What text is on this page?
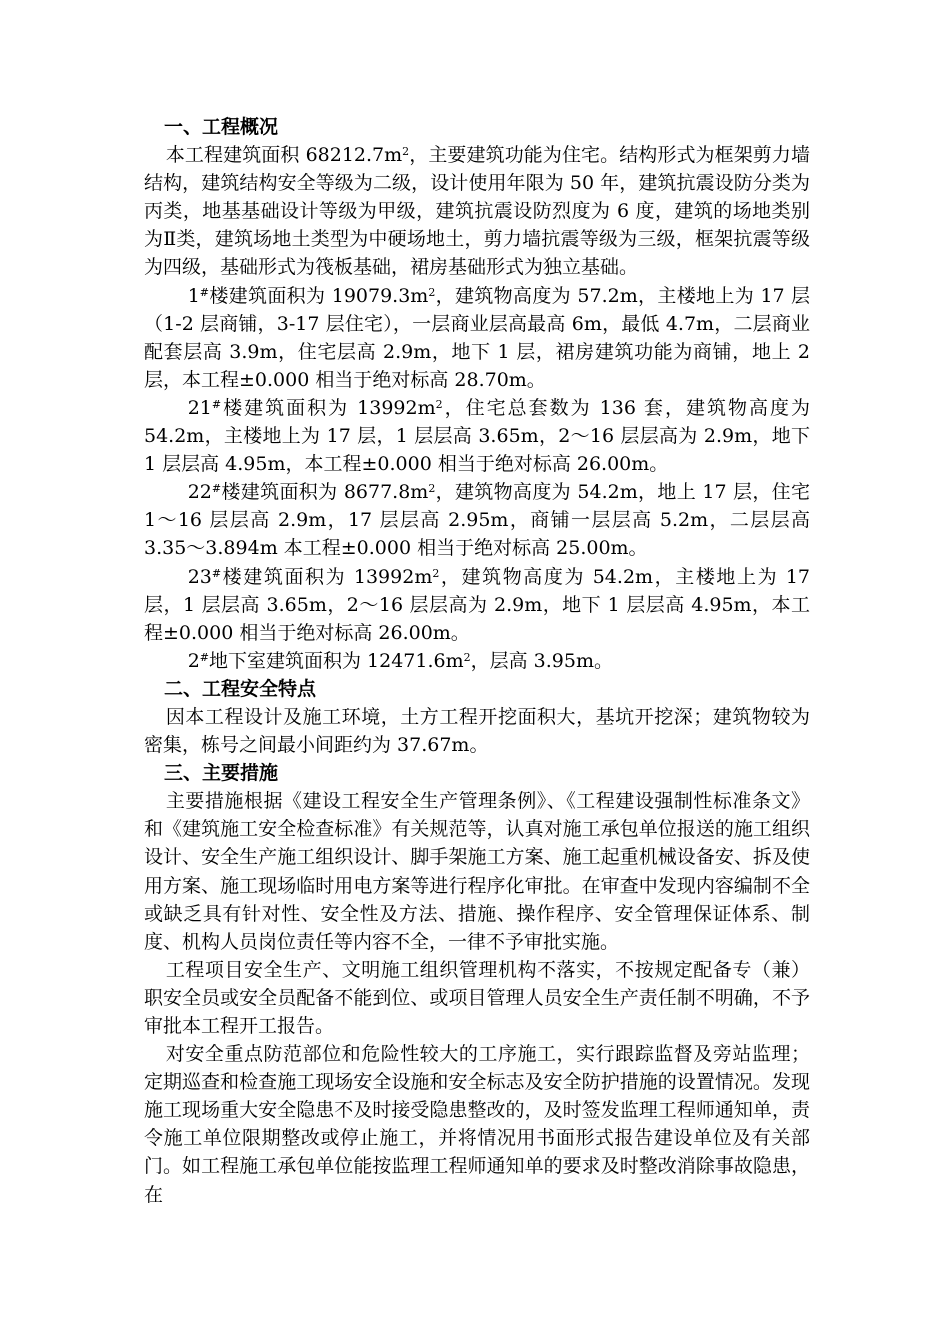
一、工程概况

本工程建筑面积 $68212.7m^2$，主要建筑功能为住宅。结构形式为框架剪力墙结构，建筑结构安全等级为二级，设计使用年限为 50 年，建筑抗震设防分类为丙类，地基基础设计等级为甲级，建筑抗震设防烈度为 6 度，建筑的场地类别为Ⅱ类，建筑场地土类型为中硬场地土，剪力墙抗震等级为三级，框架抗震等级为四级，基础形式为筏板基础，裙房基础形式为独立基础。

1#楼建筑面积为 $19079.3m^2$，建筑物高度为 57.2m，主楼地上为 17 层（1-2 层商铺，3-17 层住宅），一层商业层高最高 6m，最低 4.7m，二层商业配套层高 3.9m，住宅层高 2.9m，地下 1 层，裙房建筑功能为商铺，地上 2 层，本工程±0.000 相当于绝对标高 28.70m。

21#楼建筑面积为 $13992m^2$，住宅总套数为 136 套，建筑物高度为 54.2m，主楼地上为 17 层，1 层层高 3.65m，2～16 层层高为 2.9m，地下 1 层层高 4.95m，本工程±0.000 相当于绝对标高 26.00m。

22#楼建筑面积为 $8677.8m^2$，建筑物高度为 54.2m，地上 17 层，住宅 1～16 层层高 2.9m，17 层层高 2.95m，商铺一层层高 5.2m，二层层高 3.35～3.894m 本工程±0.000 相当于绝对标高 25.00m。

23#楼建筑面积为 $13992m^2$，建筑物高度为 54.2m，主楼地上为 17 层，1 层层高 3.65m，2～16 层层高为 2.9m，地下 1 层层高 4.95m，本工程±0.000 相当于绝对标高 26.00m。

2#地下室建筑面积为 $12471.6m^2$，层高 3.95m。

二、工程安全特点

因本工程设计及施工环境，土方工程开挖面积大，基坑开挖深；建筑物较为密集，栋号之间最小间距约为 37.67m。

三、主要措施

主要措施根据《建设工程安全生产管理条例》、《工程建设强制性标准条文》和《建筑施工安全检查标准》有关规范等，认真对施工承包单位报送的施工组织设计、安全生产施工组织设计、脚手架施工方案、施工起重机械设备安、拆及使用方案、施工现场临时用电方案等进行程序化审批。在审查中发现内容编制不全或缺乏具有针对性、安全性及方法、措施、操作程序、安全管理保证体系、制度、机构人员岗位责任等内容不全，一律不予审批实施。

工程项目安全生产、文明施工组织管理机构不落实，不按规定配备专（兼）职安全员或安全员配备不能到位、或项目管理人员安全生产责任制不明确，不予审批本工程开工报告。

对安全重点防范部位和危险性较大的工序施工，实行跟踪监督及旁站监理；定期巡查和检查施工现场安全设施和安全标志及安全防护措施的设置情况。发现施工现场重大安全隐患不及时接受隐患整改的，及时签发监理工程师通知单，责令施工单位限期整改或停止施工，并将情况用书面形式报告建设单位及有关部门。如工程施工承包单位能按监理工程师通知单的要求及时整改消除事故隐患，在
